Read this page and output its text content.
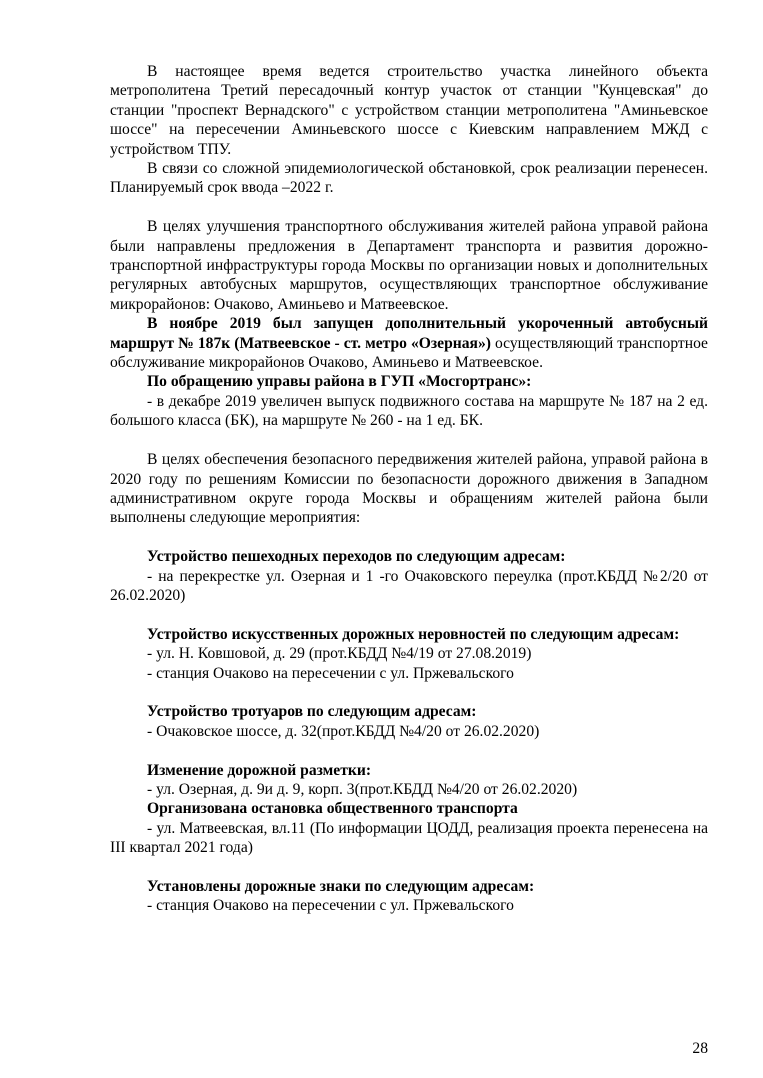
В настоящее время ведется строительство участка линейного объекта метрополитена Третий пересадочный контур участок от станции "Кунцевская" до станции "проспект Вернадского" с устройством станции метрополитена "Аминьевское шоссе" на пересечении Аминьевского шоссе с Киевским направлением МЖД с устройством ТПУ.

В связи со сложной эпидемиологической обстановкой, срок реализации перенесен. Планируемый срок ввода –2022 г.

В целях улучшения транспортного обслуживания жителей района управой района были направлены предложения в Департамент транспорта и развития дорожно-транспортной инфраструктуры города Москвы по организации новых и дополнительных регулярных автобусных маршрутов, осуществляющих транспортное обслуживание микрорайонов: Очаково, Аминьево и Матвеевское.

В ноябре 2019 был запущен дополнительный укороченный автобусный маршрут № 187к (Матвеевское - ст. метро «Озерная») осуществляющий транспортное обслуживание микрорайонов Очаково, Аминьево и Матвеевское.

По обращению управы района в ГУП «Мосгортранс»:

- в декабре 2019 увеличен выпуск подвижного состава на маршруте № 187 на 2 ед. большого класса (БК), на маршруте № 260 - на 1 ед. БК.

В целях обеспечения безопасного передвижения жителей района, управой района в 2020 году по решениям Комиссии по безопасности дорожного движения в Западном административном округе города Москвы и обращениям жителей района были выполнены следующие мероприятия:

Устройство пешеходных переходов по следующим адресам:

- на перекрестке ул. Озерная и 1 -го Очаковского переулка (прот.КБДД №2/20 от 26.02.2020)

Устройство искусственных дорожных неровностей по следующим адресам:

- ул. Н. Ковшовой, д. 29 (прот.КБДД №4/19 от 27.08.2019)

- станция Очаково на пересечении с ул. Пржевальского

Устройство тротуаров по следующим адресам:

- Очаковское шоссе, д. 32(прот.КБДД №4/20 от 26.02.2020)

Изменение дорожной разметки:

- ул. Озерная, д. 9и д. 9, корп. 3(прот.КБДД №4/20 от 26.02.2020)

Организована остановка общественного транспорта

- ул. Матвеевская, вл.11 (По информации ЦОДД, реализация проекта перенесена на III квартал 2021 года)

Установлены дорожные знаки по следующим адресам:

- станция Очаково на пересечении с ул. Пржевальского

28
